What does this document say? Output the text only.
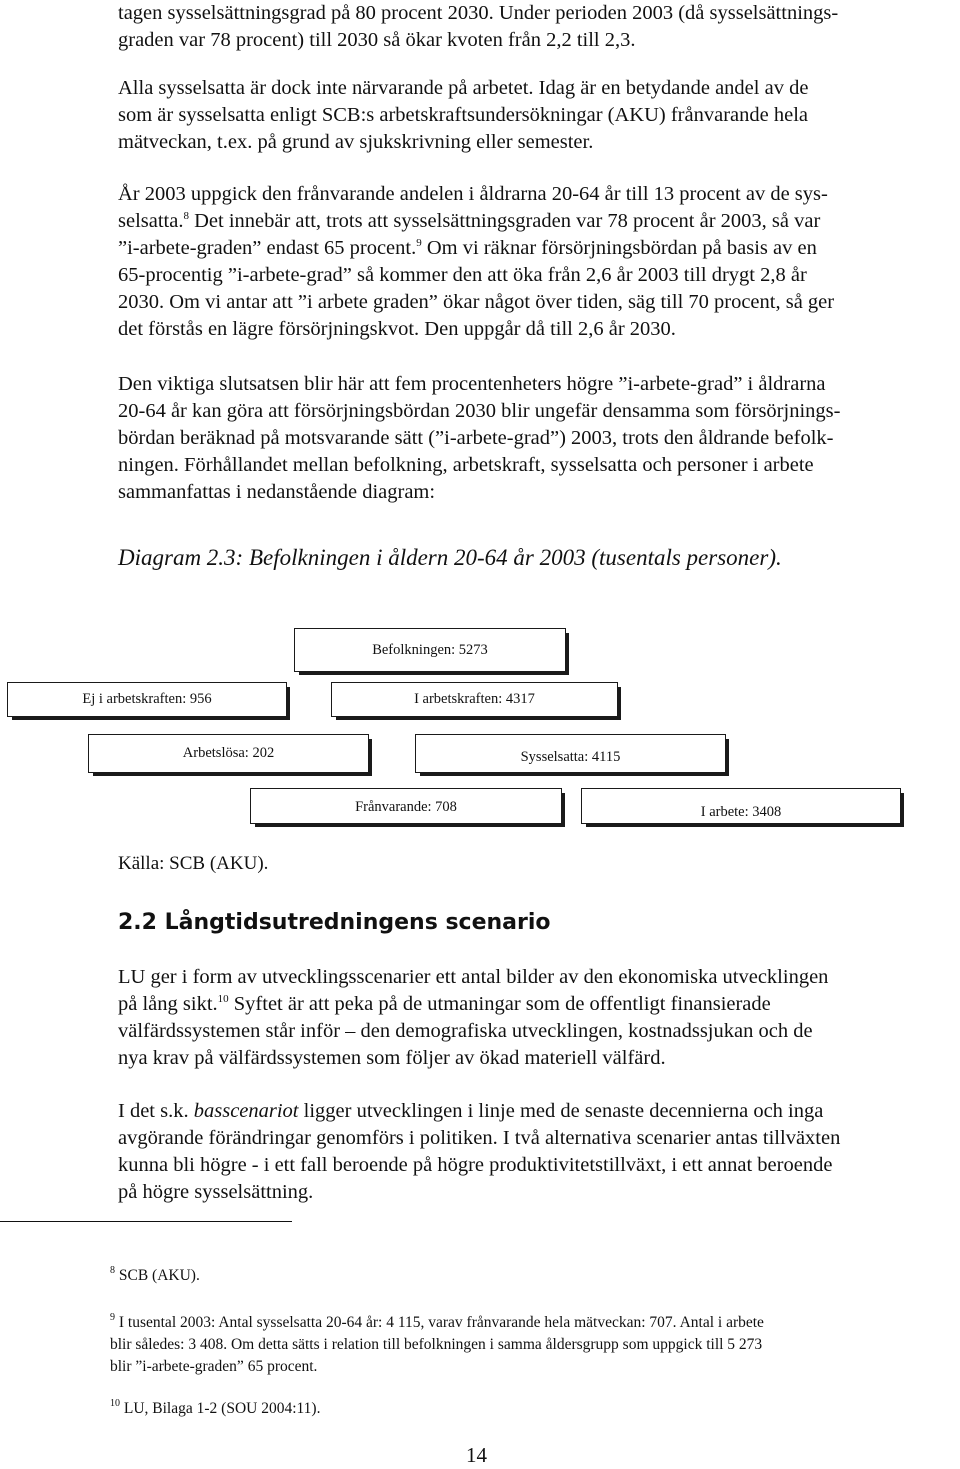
tagen sysselsättningsgrad på 80 procent 2030. Under perioden 2003 (då sysselsättnings-
graden var 78 procent) till 2030 så ökar kvoten från 2,2 till 2,3.

Alla sysselsatta är dock inte närvarande på arbetet. Idag är en betydande andel av de
som är sysselsatta enligt SCB:s arbetskraftsundersökningar (AKU) frånvarande hela
mätveckan, t.ex. på grund av sjukskrivning eller semester.

År 2003 uppgick den frånvarande andelen i åldrarna 20-64 år till 13 procent av de sys-
selsatta.$^8$ Det innebär att, trots att sysselsättningsgraden var 78 procent år 2003, så var
”i-arbete-graden” endast 65 procent.$^9$ Om vi räknar försörjningsbördan på basis av en
65-procentig ”i-arbete-grad” så kommer den att öka från 2,6 år 2003 till drygt 2,8 år
2030. Om vi antar att ”i arbete graden” ökar något över tiden, säg till 70 procent, så ger
det förstås en lägre försörjningskvot. Den uppgår då till 2,6 år 2030.

Den viktiga slutsatsen blir här att fem procentenheters högre ”i-arbete-grad” i åldrarna
20-64 år kan göra att försörjningsbördan 2030 blir ungefär densamma som försörjnings-
bördan beräknad på motsvarande sätt (”i-arbete-grad”) 2003, trots den åldrande befolk-
ningen. Förhållandet mellan befolkning, arbetskraft, sysselsatta och personer i arbete
sammanfattas i nedanstående diagram:

Diagram 2.3: Befolkningen i åldern 20-64 år 2003 (tusentals personer).

Befolkningen: 5273
Ej i arbetskraften: 956	I arbetskraften: 4317
Arbetslösa: 202	Sysselsatta: 4115
Frånvarande: 708	I arbete: 3408

Källa: SCB (AKU).

2.2 Långtidsutredningens scenario

LU ger i form av utvecklingsscenarier ett antal bilder av den ekonomiska utvecklingen
på lång sikt.$^{10}$ Syftet är att peka på de utmaningar som de offentligt finansierade
välfärdssystemen står inför – den demografiska utvecklingen, kostnadssjukan och de
nya krav på välfärdssystemen som följer av ökad materiell välfärd.

I det s.k. basscenariot ligger utvecklingen i linje med de senaste decennierna och inga
avgörande förändringar genomförs i politiken. I två alternativa scenarier antas tillväxten
kunna bli högre - i ett fall beroende på högre produktivitetstillväxt, i ett annat beroende
på högre sysselsättning.

$^8$ SCB (AKU).

$^9$ I tusental 2003: Antal sysselsatta 20-64 år: 4 115, varav frånvarande hela mätveckan: 707. Antal i arbete
blir således: 3 408. Om detta sätts i relation till befolkningen i samma åldersgrupp som uppgick till 5 273
blir ”i-arbete-graden” 65 procent.

$^{10}$ LU, Bilaga 1-2 (SOU 2004:11).

14
